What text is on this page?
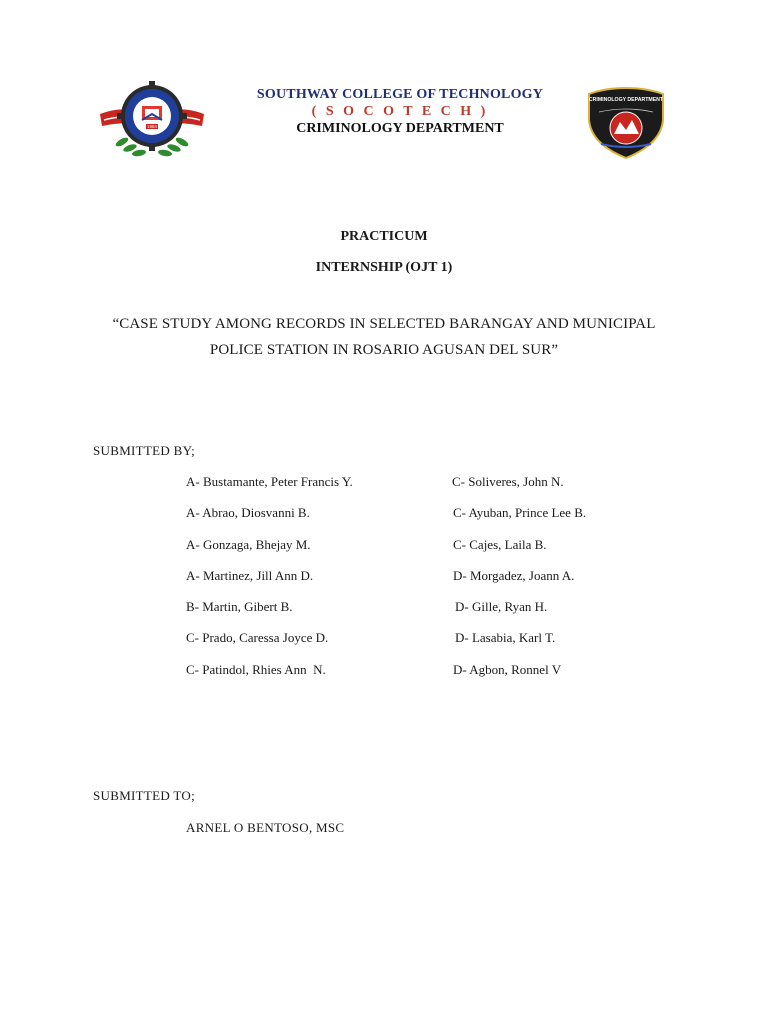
1984
SOUTHWAY COLLEGE OF TECHNOLOGY
( S O C O T E C H )
CRIMINOLOGY DEPARTMENT
CRIMINOLOGY DEPARTMENT
PRACTICUM
INTERNSHIP (OJT 1)
“CASE STUDY AMONG RECORDS IN SELECTED BARANGAY AND MUNICIPAL
POLICE STATION IN ROSARIO AGUSAN DEL SUR”
SUBMITTED BY;
A- Bustamante, Peter Francis Y.
A- Abrao, Diosvanni B.
A- Gonzaga, Bhejay M.
A- Martinez, Jill Ann D.
B- Martin, Gibert B.
C- Prado, Caressa Joyce D.
C- Patindol, Rhies Ann  N.
C- Soliveres, John N.
C- Ayuban, Prince Lee B.
C- Cajes, Laila B.
D- Morgadez, Joann A.
D- Gille, Ryan H.
D- Lasabia, Karl T.
D- Agbon, Ronnel V
SUBMITTED TO;
ARNEL O BENTOSO, MSC
